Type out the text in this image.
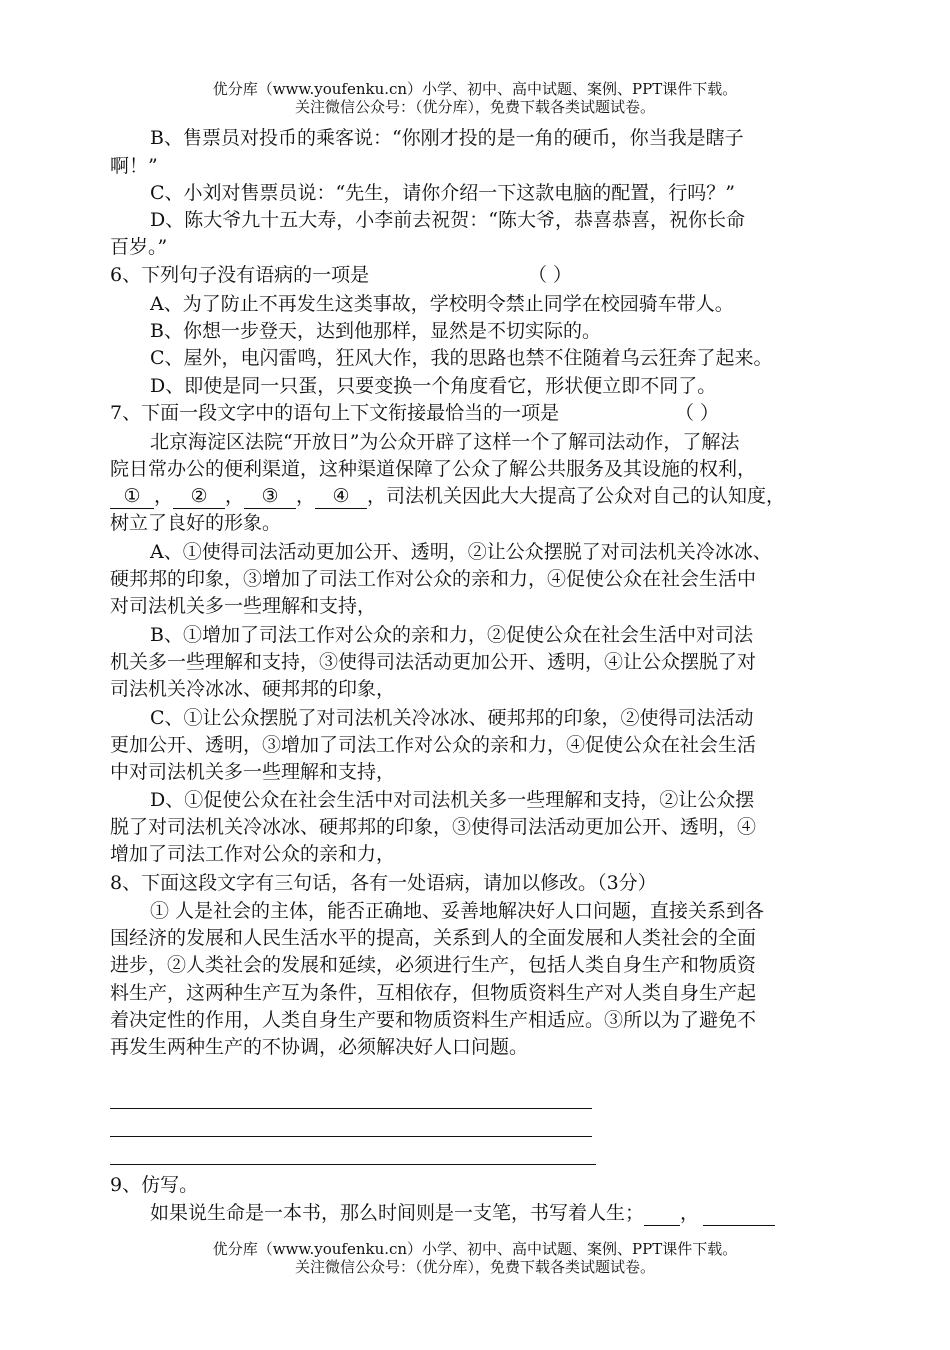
优分库（www.youfenku.cn）小学、初中、高中试题、案例、PPT课件下载。
关注微信公众号：（优分库），免费下载各类试题试卷。
B、售票员对投币的乘客说：“你刚才投的是一角的硬币，你当我是瞎子
啊！”
C、小刘对售票员说：“先生，请你介绍一下这款电脑的配置，行吗？”
D、陈大爷九十五大寿，小李前去祝贺：“陈大爷，恭喜恭喜，祝你长命
百岁。”
6、下列句子没有语病的一项是	（ ）
A、为了防止不再发生这类事故，学校明令禁止同学在校园骑车带人。
B、你想一步登天，达到他那样，显然是不切实际的。
C、屋外，电闪雷鸣，狂风大作，我的思路也禁不住随着乌云狂奔了起来。
D、即使是同一只蛋，只要变换一个角度看它，形状便立即不同了。
7、下面一段文字中的语句上下文衔接最恰当的一项是	（ ）
北京海淀区法院“开放日”为公众开辟了这样一个了解司法动作，了解法
院日常办公的便利渠道，这种渠道保障了公众了解公共服务及其设施的权利，
① ， ② ， ③ ， ④ ，司法机关因此大大提高了公众对自己的认知度，
树立了良好的形象。
A、①使得司法活动更加公开、透明，②让公众摆脱了对司法机关冷冰冰、
硬邦邦的印象，③增加了司法工作对公众的亲和力，④促使公众在社会生活中
对司法机关多一些理解和支持，
B、①增加了司法工作对公众的亲和力，②促使公众在社会生活中对司法
机关多一些理解和支持，③使得司法活动更加公开、透明，④让公众摆脱了对
司法机关冷冰冰、硬邦邦的印象，
C、①让公众摆脱了对司法机关冷冰冰、硬邦邦的印象，②使得司法活动
更加公开、透明，③增加了司法工作对公众的亲和力，④促使公众在社会生活
中对司法机关多一些理解和支持，
D、①促使公众在社会生活中对司法机关多一些理解和支持，②让公众摆
脱了对司法机关冷冰冰、硬邦邦的印象，③使得司法活动更加公开、透明，④
增加了司法工作对公众的亲和力，
8、下面这段文字有三句话，各有一处语病，请加以修改。（3分）
① 人是社会的主体，能否正确地、妥善地解决好人口问题，直接关系到各
国经济的发展和人民生活水平的提高，关系到人的全面发展和人类社会的全面
进步，②人类社会的发展和延续，必须进行生产，包括人类自身生产和物质资
料生产，这两种生产互为条件，互相依存，但物质资料生产对人类自身生产起
着决定性的作用，人类自身生产要和物质资料生产相适应。③所以为了避免不
再发生两种生产的不协调，必须解决好人口问题。
9、仿写。
如果说生命是一本书，那么时间则是一支笔，书写着人生； ，
优分库（www.youfenku.cn）小学、初中、高中试题、案例、PPT课件下载。
关注微信公众号：（优分库），免费下载各类试题试卷。
